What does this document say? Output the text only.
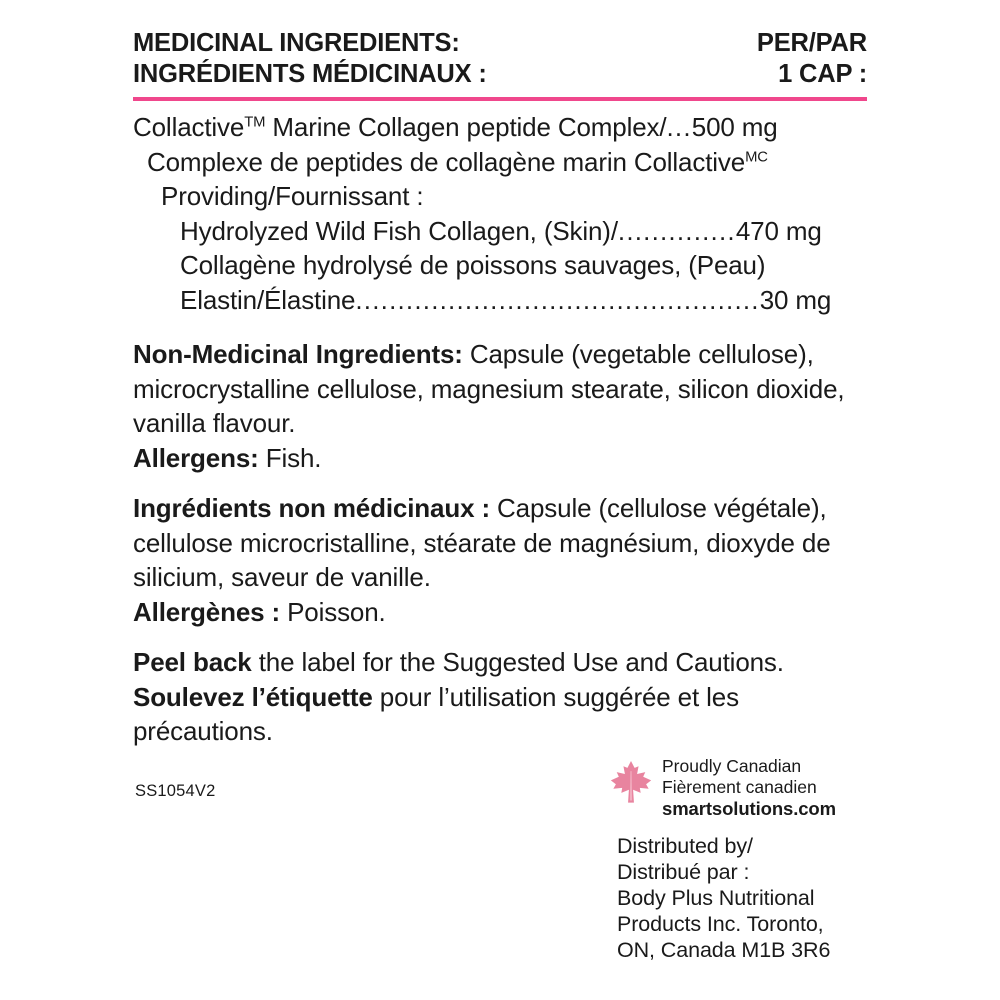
MEDICINAL INGREDIENTS:
INGRÉDIENTS MÉDICINAUX :
PER/PAR
1 CAP :
Collactive™ Marine Collagen peptide Complex/ ... 500 mg
Complexe de peptides de collagène marin Collactive$^{MC}$
Providing/Fournissant :
Hydrolyzed Wild Fish Collagen, (Skin)/ .............. 470 mg
Collagène hydrolysé de poissons sauvages, (Peau)
Elastin/Élastine ................................................ 30 mg
Non-Medicinal Ingredients: Capsule (vegetable cellulose), microcrystalline cellulose, magnesium stearate, silicon dioxide, vanilla flavour.
Allergens: Fish.
Ingrédients non médicinaux : Capsule (cellulose végétale), cellulose microcristalline, stéarate de magnésium, dioxyde de silicium, saveur de vanille.
Allergènes : Poisson.
Peel back the label for the Suggested Use and Cautions.
Soulevez l’étiquette pour l’utilisation suggérée et les précautions.
SS1054V2
Proudly Canadian
Fièrement canadien
smartsolutions.com
Distributed by/
Distribué par :
Body Plus Nutritional
Products Inc. Toronto,
ON, Canada M1B 3R6
